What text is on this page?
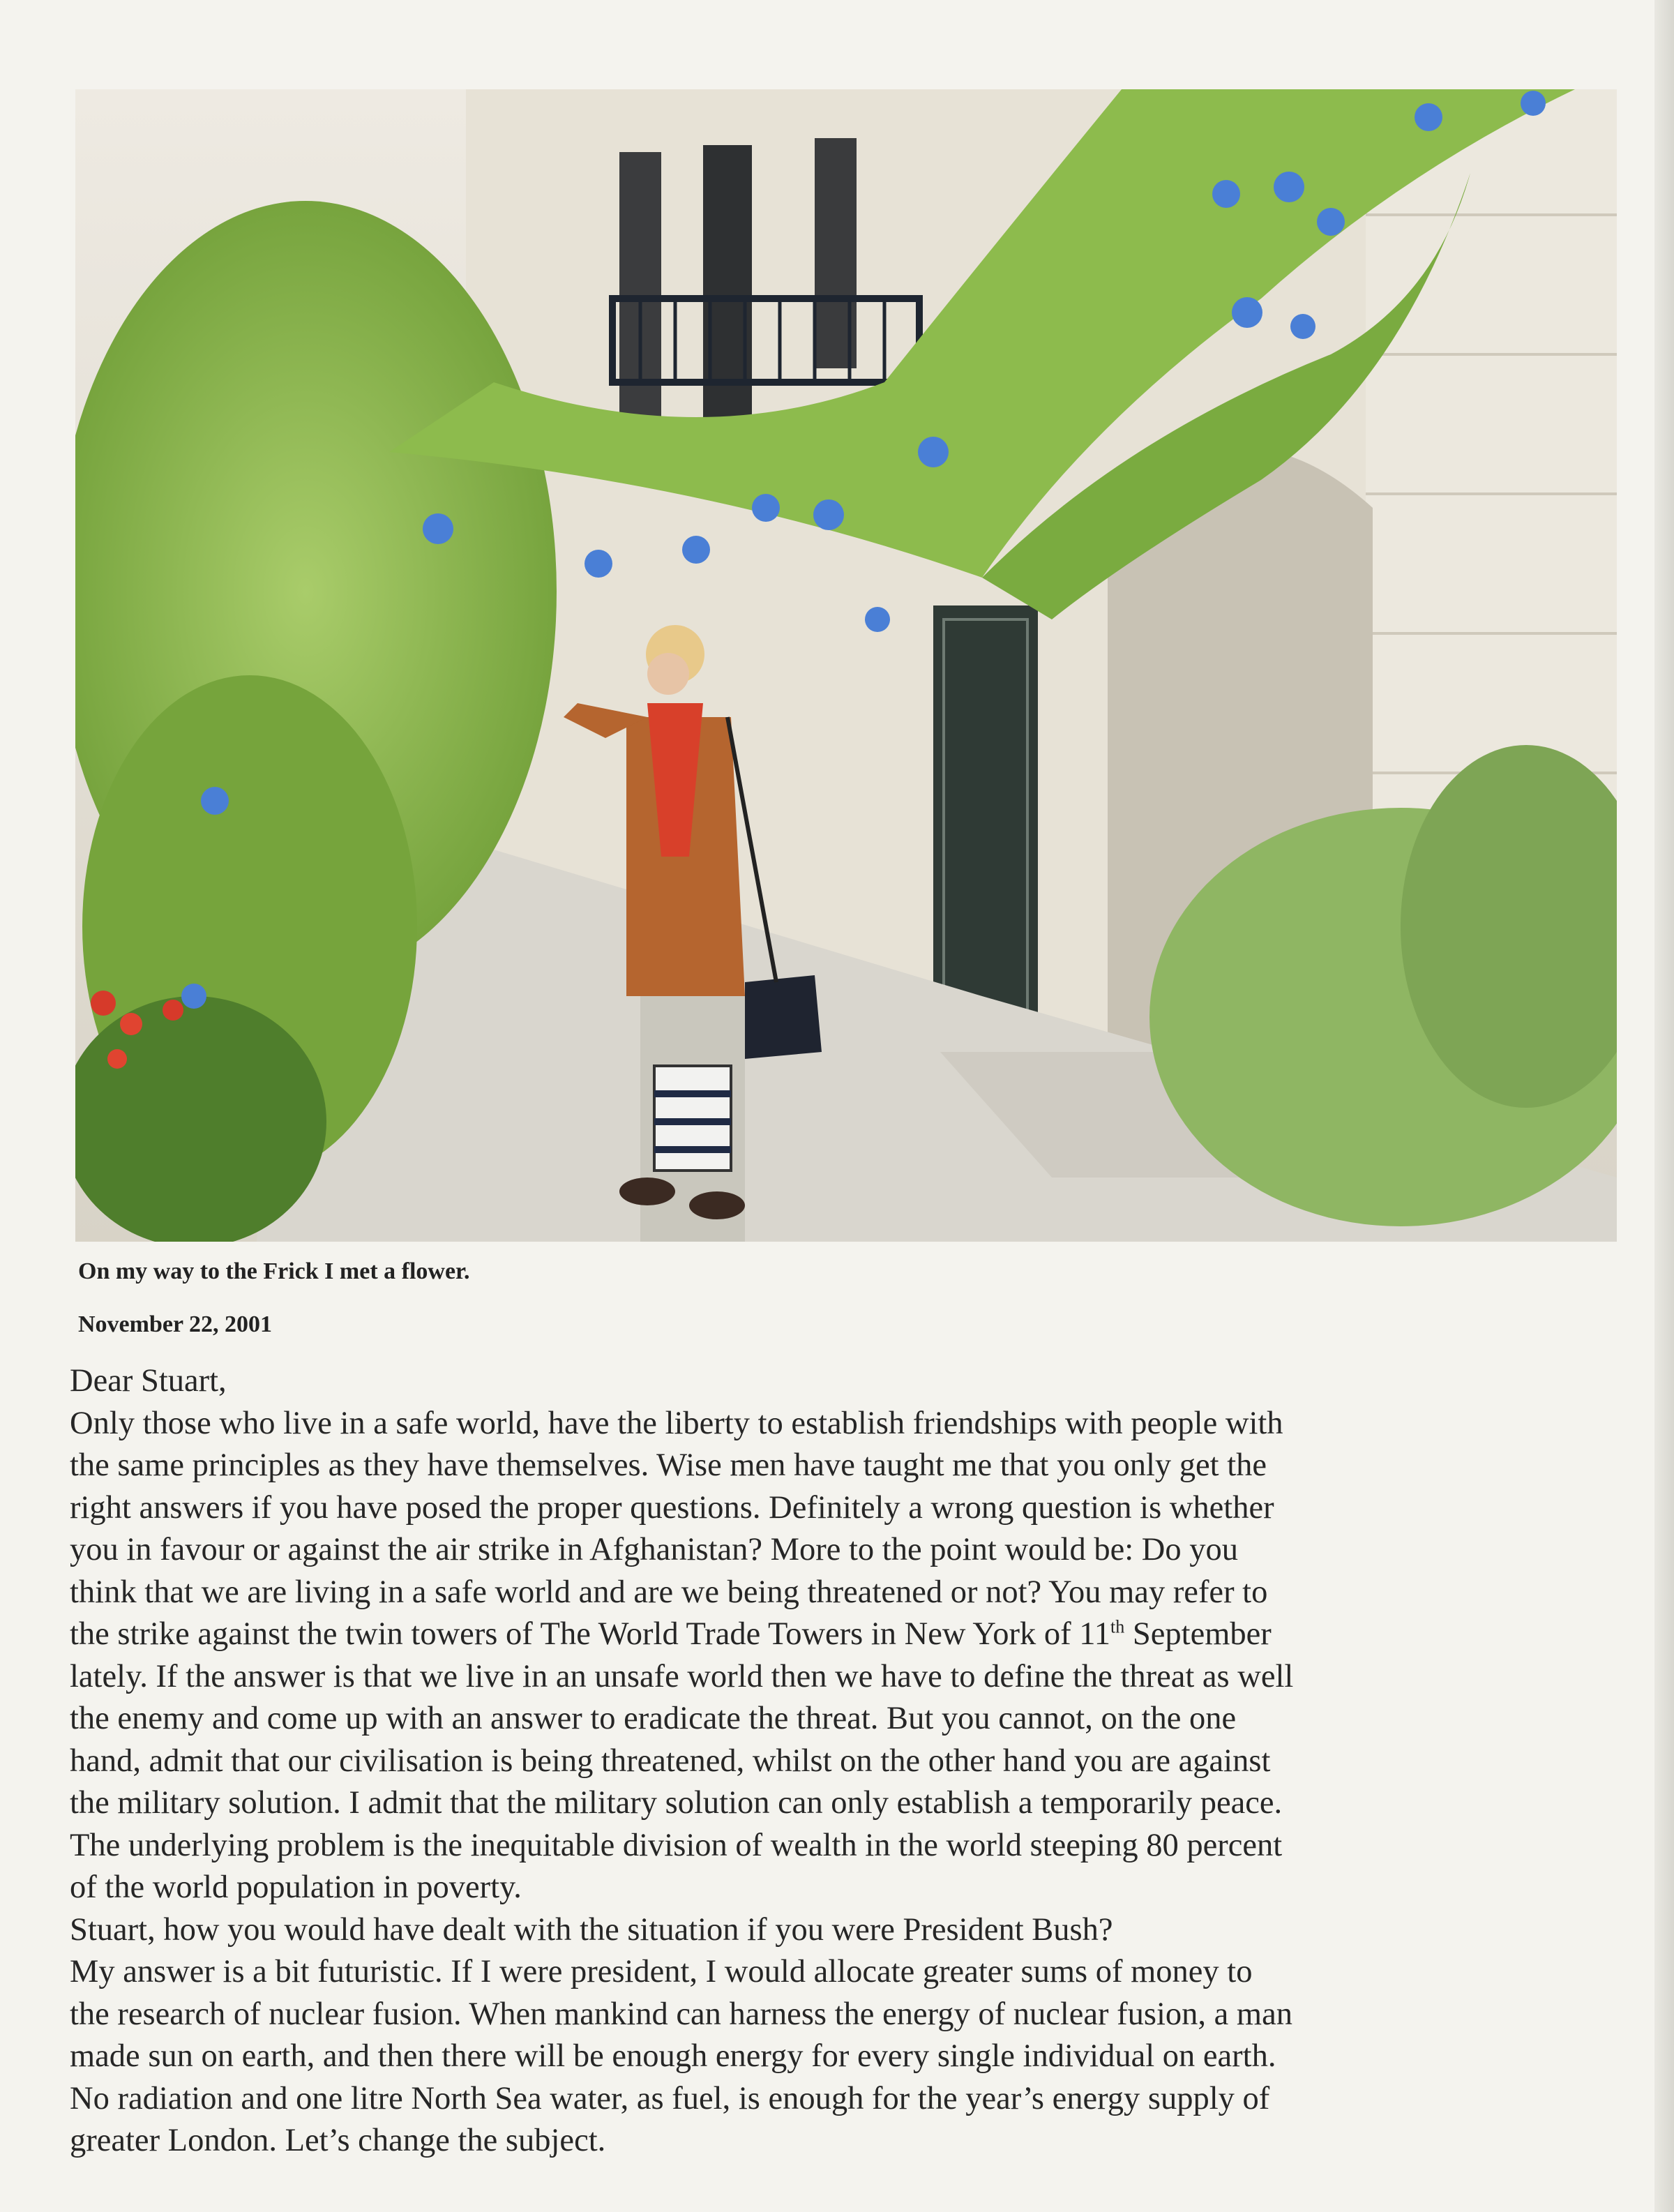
On my way to the Frick I met a flower.
November 22, 2001
Dear Stuart,
Only those who live in a safe world, have the liberty to establish friendships with people with
the same principles as they have themselves. Wise men have taught me that you only get the
right answers if you have posed the proper questions. Definitely a wrong question is whether
you in favour or against the air strike in Afghanistan? More to the point would be: Do you
think that we are living in a safe world and are we being threatened or not? You may refer to
the strike against the twin towers of The World Trade Towers in New York of 11th September
lately. If the answer is that we live in an unsafe world then we have to define the threat as well
the enemy and come up with an answer to eradicate the threat. But you cannot, on the one
hand, admit that our civilisation is being threatened, whilst on the other hand you are against
the military solution. I admit that the military solution can only establish a temporarily peace.
The underlying problem is the inequitable division of wealth in the world steeping 80 percent
of the world population in poverty.
Stuart, how you would have dealt with the situation if you were President Bush?
My answer is a bit futuristic. If I were president, I would allocate greater sums of money to
the research of nuclear fusion. When mankind can harness the energy of nuclear fusion, a man
made sun on earth, and then there will be enough energy for every single individual on earth.
No radiation and one litre North Sea water, as fuel, is enough for the year’s energy supply of
greater London. Let’s change the subject.
